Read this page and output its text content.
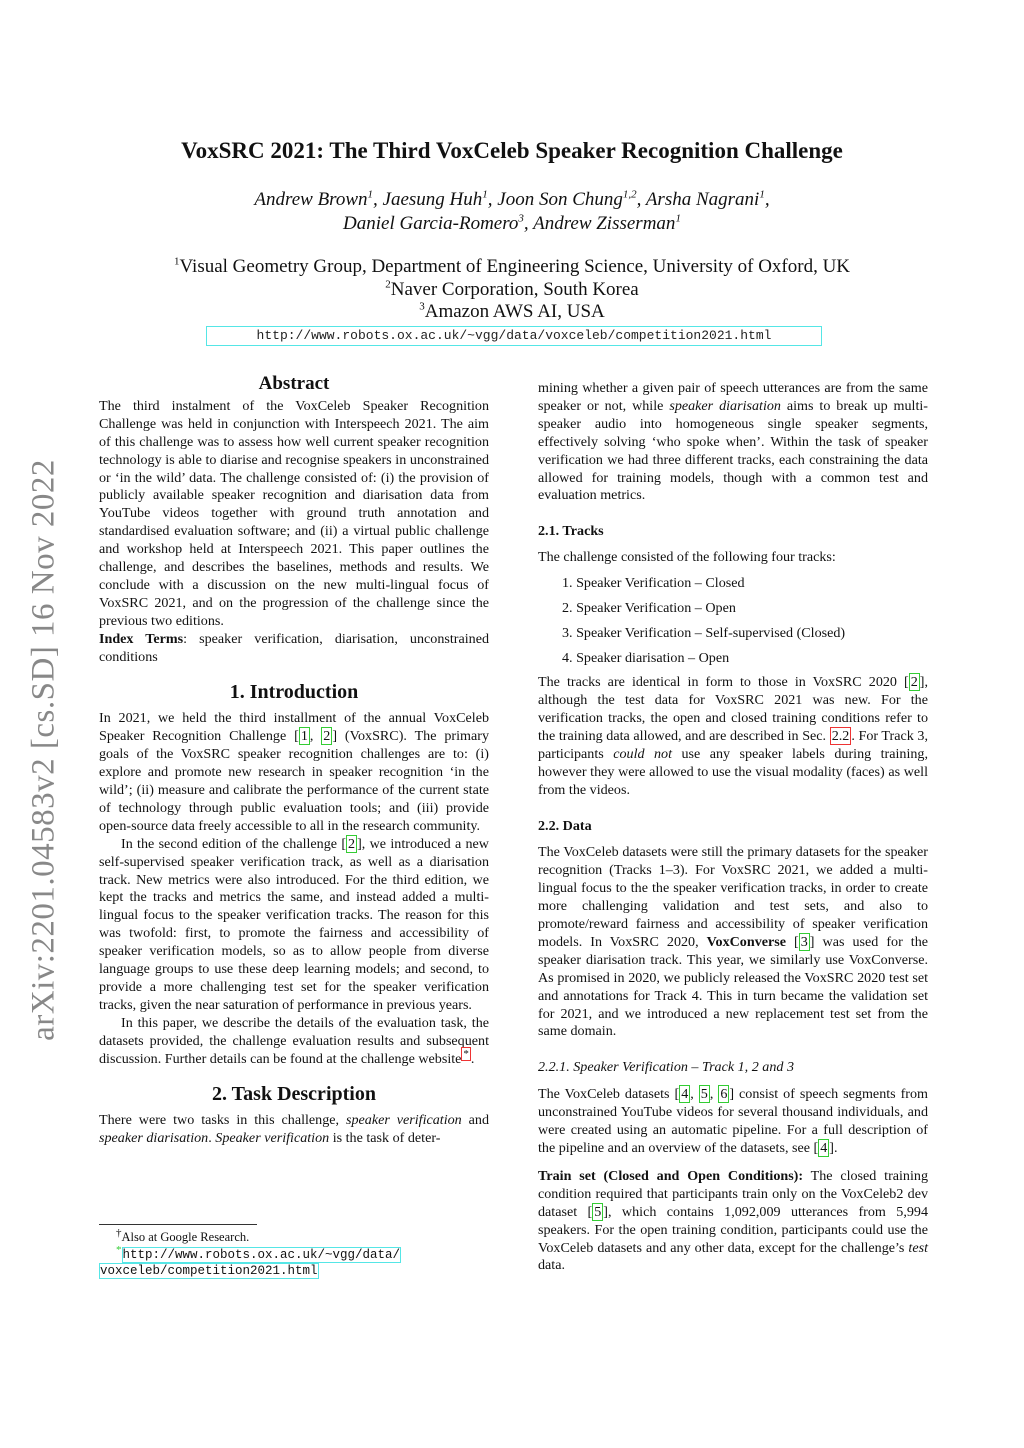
arXiv:2201.04583v2 [cs.SD] 16 Nov 2022
VoxSRC 2021: The Third VoxCeleb Speaker Recognition Challenge
Andrew Brown$^1$, Jaesung Huh$^1$, Joon Son Chung$^{1,2}$, Arsha Nagrani$^1$,
Daniel Garcia-Romero$^3$, Andrew Zisserman$^1$
$^1$Visual Geometry Group, Department of Engineering Science, University of Oxford, UK
$^2$Naver Corporation, South Korea
$^3$Amazon AWS AI, USA
http://www.robots.ox.ac.uk/~vgg/data/voxceleb/competition2021.html
Abstract

The third instalment of the VoxCeleb Speaker Recognition Challenge was held in conjunction with Interspeech 2021. The aim of this challenge was to assess how well current speaker recognition technology is able to diarise and recognise speakers in unconstrained or ‘in the wild’ data. The challenge consisted of: (i) the provision of publicly available speaker recognition and diarisation data from YouTube videos together with ground truth annotation and standardised evaluation software; and (ii) a virtual public challenge and workshop held at Interspeech 2021. This paper outlines the challenge, and describes the baselines, methods and results. We conclude with a discussion on the new multi-lingual focus of VoxSRC 2021, and on the progression of the challenge since the previous two editions.

Index Terms: speaker verification, diarisation, unconstrained conditions

1. Introduction

In 2021, we held the third installment of the annual VoxCeleb Speaker Recognition Challenge [ 1 , 2 ] (VoxSRC). The primary goals of the VoxSRC speaker recognition challenges are to: (i) explore and promote new research in speaker recognition ‘in the wild’; (ii) measure and calibrate the performance of the current state of technology through public evaluation tools; and (iii) provide open-source data freely accessible to all in the research community.

In the second edition of the challenge [ 2 ], we introduced a new self-supervised speaker verification track, as well as a diarisation track. New metrics were also introduced. For the third edition, we kept the tracks and metrics the same, and instead added a multi-lingual focus to the speaker verification tracks. The reason for this was twofold: first, to promote the fairness and accessibility of speaker verification models, so as to allow people from diverse language groups to use these deep learning models; and second, to provide a more challenging test set for the speaker verification tracks, given the near saturation of performance in previous years.

In this paper, we describe the details of the evaluation task, the datasets provided, the challenge evaluation results and subsequent discussion. Further details can be found at the challenge website * .

2. Task Description

There were two tasks in this challenge, speaker verification and speaker diarisation. Speaker verification is the task of deter-

†Also at Google Research.
*http://www.robots.ox.ac.uk/~vgg/data/
voxceleb/competition2021.html

mining whether a given pair of speech utterances are from the same speaker or not, while speaker diarisation aims to break up multi-speaker audio into homogeneous single speaker segments, effectively solving ‘who spoke when’. Within the task of speaker verification we had three different tracks, each constraining the data allowed for training models, though with a common test and evaluation metrics.

2.1. Tracks

The challenge consisted of the following four tracks:

1. Speaker Verification – Closed
2. Speaker Verification – Open
3. Speaker Verification – Self-supervised (Closed)
4. Speaker diarisation – Open

The tracks are identical in form to those in VoxSRC 2020 [ 2 ], although the test data for VoxSRC 2021 was new. For the verification tracks, the open and closed training conditions refer to the training data allowed, and are described in Sec. 2.2 . For Track 3, participants could not use any speaker labels during training, however they were allowed to use the visual modality (faces) as well from the videos.

2.2. Data

The VoxCeleb datasets were still the primary datasets for the speaker recognition (Tracks 1–3). For VoxSRC 2021, we added a multi-lingual focus to the the speaker verification tracks, in order to create more challenging validation and test sets, and also to promote/reward fairness and accessibility of speaker verification models. In VoxSRC 2020, VoxConverse [ 3 ] was used for the speaker diarisation track. This year, we similarly use VoxConverse. As promised in 2020, we publicly released the VoxSRC 2020 test set and annotations for Track 4. This in turn became the validation set for 2021, and we introduced a new replacement test set from the same domain.

2.2.1. Speaker Verification – Track 1, 2 and 3

The VoxCeleb datasets [ 4 , 5 , 6 ] consist of speech segments from unconstrained YouTube videos for several thousand individuals, and were created using an automatic pipeline. For a full description of the pipeline and an overview of the datasets, see [ 4 ].

Train set (Closed and Open Conditions): The closed training condition required that participants train only on the VoxCeleb2 dev dataset [ 5 ], which contains 1,092,009 utterances from 5,994 speakers. For the open training condition, participants could use the VoxCeleb datasets and any other data, except for the challenge’s test data.
